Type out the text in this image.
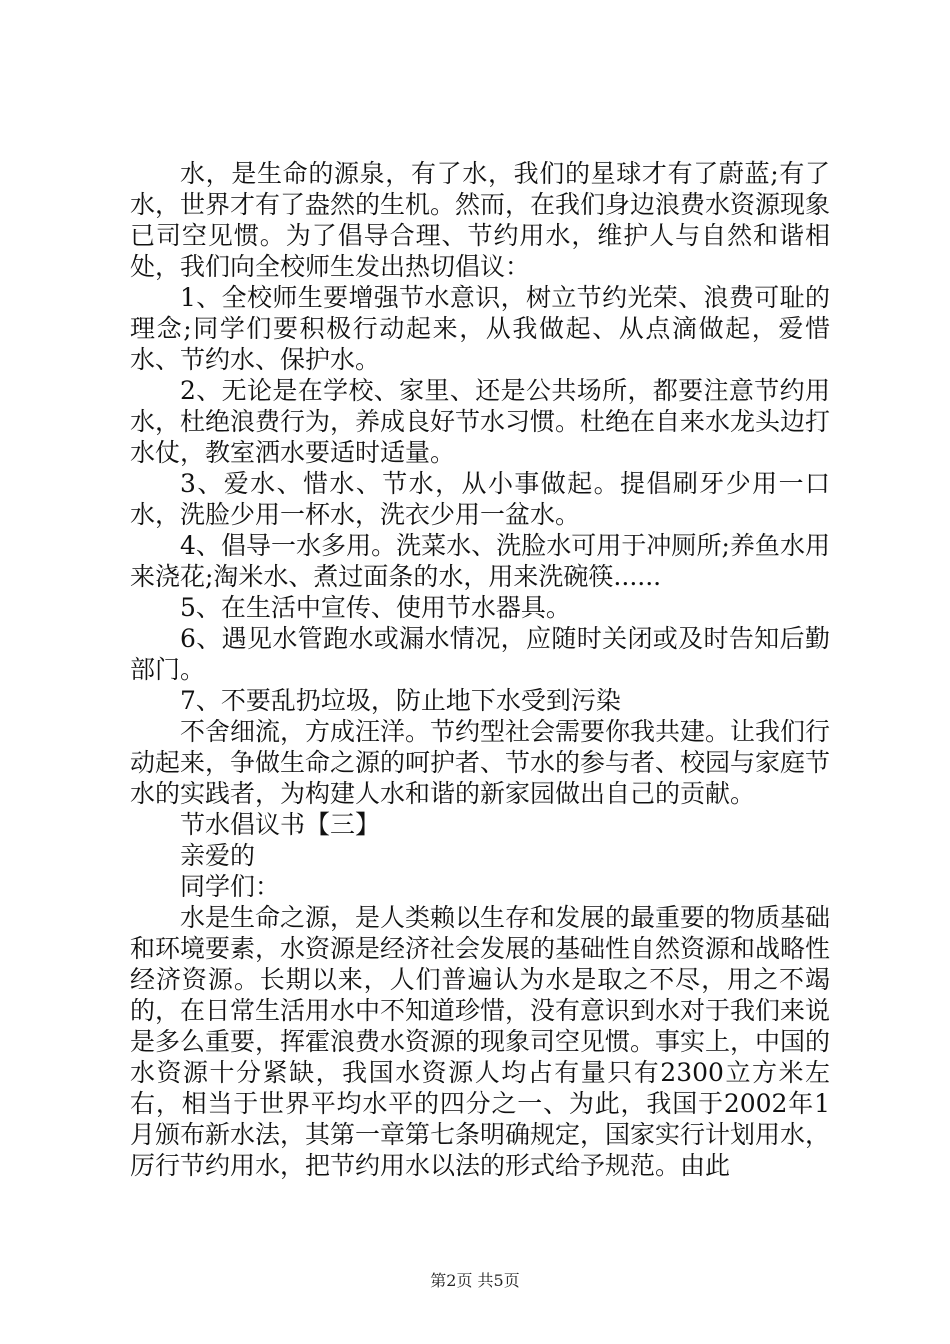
水，是生命的源泉，有了水，我们的星球才有了蔚蓝;有了水，世界才有了盎然的生机。然而，在我们身边浪费水资源现象已司空见惯。为了倡导合理、节约用水，维护人与自然和谐相处，我们向全校师生发出热切倡议：

1、全校师生要增强节水意识，树立节约光荣、浪费可耻的理念;同学们要积极行动起来，从我做起、从点滴做起，爱惜水、节约水、保护水。

2、无论是在学校、家里、还是公共场所，都要注意节约用水，杜绝浪费行为，养成良好节水习惯。杜绝在自来水龙头边打水仗，教室洒水要适时适量。

3、爱水、惜水、节水，从小事做起。提倡刷牙少用一口水，洗脸少用一杯水，洗衣少用一盆水。

4、倡导一水多用。洗菜水、洗脸水可用于冲厕所;养鱼水用来浇花;淘米水、煮过面条的水，用来洗碗筷......

5、在生活中宣传、使用节水器具。

6、遇见水管跑水或漏水情况，应随时关闭或及时告知后勤部门。

7、不要乱扔垃圾，防止地下水受到污染

不舍细流，方成汪洋。节约型社会需要你我共建。让我们行动起来，争做生命之源的呵护者、节水的参与者、校园与家庭节水的实践者，为构建人水和谐的新家园做出自己的贡献。

节水倡议书【三】

亲爱的

同学们：

水是生命之源，是人类赖以生存和发展的最重要的物质基础和环境要素，水资源是经济社会发展的基础性自然资源和战略性经济资源。长期以来，人们普遍认为水是取之不尽，用之不竭的，在日常生活用水中不知道珍惜，没有意识到水对于我们来说是多么重要，挥霍浪费水资源的现象司空见惯。事实上，中国的水资源十分紧缺，我国水资源人均占有量只有2300立方米左右，相当于世界平均水平的四分之一、为此，我国于2002年1月颁布新水法，其第一章第七条明确规定，国家实行计划用水，厉行节约用水，把节约用水以法的形式给予规范。由此

第2页 共5页
